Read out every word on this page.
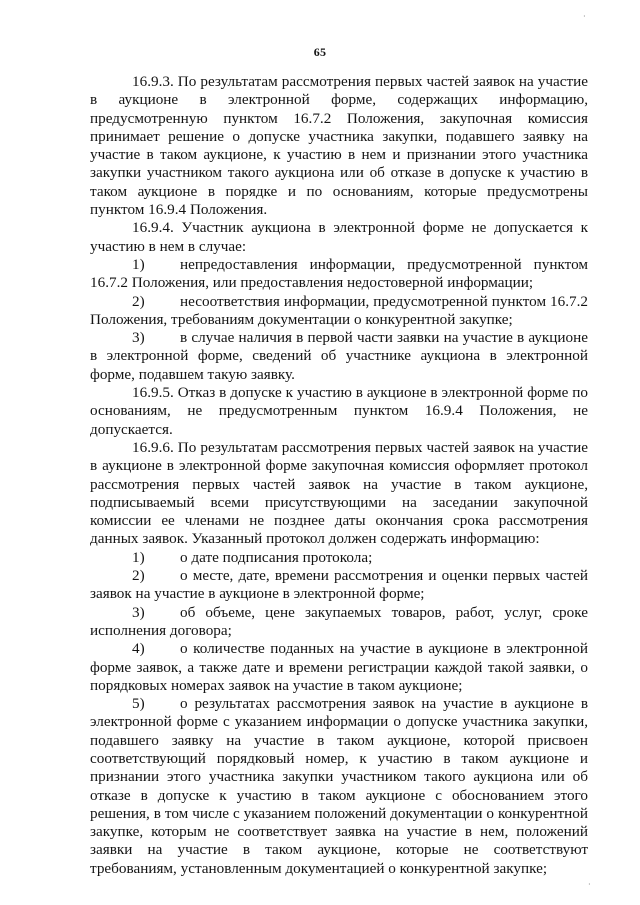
65

16.9.3. По результатам рассмотрения первых частей заявок на участие в аукционе в электронной форме, содержащих информацию, предусмотренную пунктом 16.7.2 Положения, закупочная комиссия принимает решение о допуске участника закупки, подавшего заявку на участие в таком аукционе, к участию в нем и признании этого участника закупки участником такого аукциона или об отказе в допуске к участию в таком аукционе в порядке и по основаниям, которые предусмотрены пунктом 16.9.4 Положения.

16.9.4. Участник аукциона в электронной форме не допускается к участию в нем в случае:

1) непредоставления информации, предусмотренной пунктом 16.7.2 Положения, или предоставления недостоверной информации;

2) несоответствия информации, предусмотренной пунктом 16.7.2 Положения, требованиям документации о конкурентной закупке;

3) в случае наличия в первой части заявки на участие в аукционе в электронной форме, сведений об участнике аукциона в электронной форме, подавшем такую заявку.

16.9.5. Отказ в допуске к участию в аукционе в электронной форме по основаниям, не предусмотренным пунктом 16.9.4 Положения, не допускается.

16.9.6. По результатам рассмотрения первых частей заявок на участие в аукционе в электронной форме закупочная комиссия оформляет протокол рассмотрения первых частей заявок на участие в таком аукционе, подписываемый всеми присутствующими на заседании закупочной комиссии ее членами не позднее даты окончания срока рассмотрения данных заявок. Указанный протокол должен содержать информацию:

1) о дате подписания протокола;

2) о месте, дате, времени рассмотрения и оценки первых частей заявок на участие в аукционе в электронной форме;

3) об объеме, цене закупаемых товаров, работ, услуг, сроке исполнения договора;

4) о количестве поданных на участие в аукционе в электронной форме заявок, а также дате и времени регистрации каждой такой заявки, о порядковых номерах заявок на участие в таком аукционе;

5) о результатах рассмотрения заявок на участие в аукционе в электронной форме с указанием информации о допуске участника закупки, подавшего заявку на участие в таком аукционе, которой присвоен соответствующий порядковый номер, к участию в таком аукционе и признании этого участника закупки участником такого аукциона или об отказе в допуске к участию в таком аукционе с обоснованием этого решения, в том числе с указанием положений документации о конкурентной закупке, которым не соответствует заявка на участие в нем, положений заявки на участие в таком аукционе, которые не соответствуют требованиям, установленным документацией о конкурентной закупке;

·
·
